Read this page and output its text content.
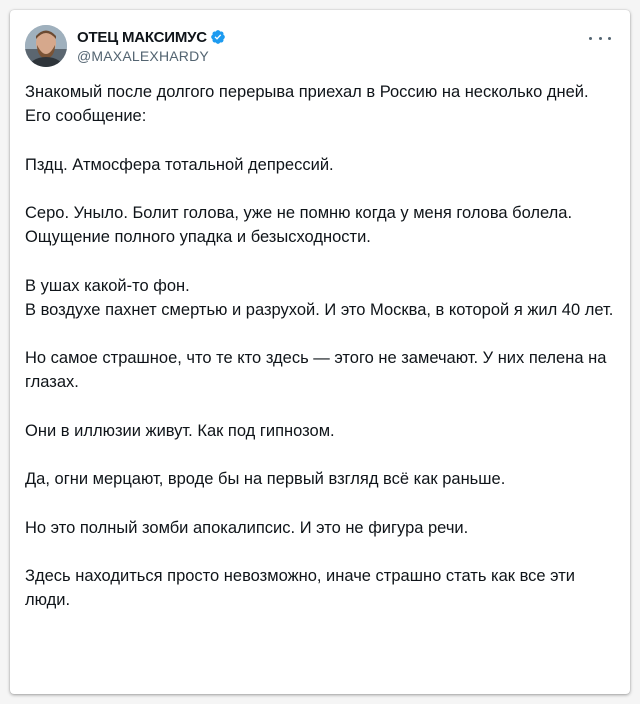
ОТЕЦ МАКСИМУС
@MAXALEXHARDY

Знакомый после долгого перерыва приехал в Россию на несколько дней.
Его сообщение:

Пздц. Атмосфера тотальной депрессий.

Серо. Уныло. Болит голова, уже не помню когда у меня голова болела.
Ощущение полного упадка и безысходности.

В ушах какой-то фон.
В воздухе пахнет смертью и разрухой. И это Москва, в которой я жил 40 лет.

Но самое страшное, что те кто здесь — этого не замечают. У них пелена на глазах.

Они в иллюзии живут. Как под гипнозом.

Да, огни мерцают, вроде бы на первый взгляд всё как раньше.

Но это полный зомби апокалипсис. И это не фигура речи.

Здесь находиться просто невозможно, иначе страшно стать как все эти люди.
